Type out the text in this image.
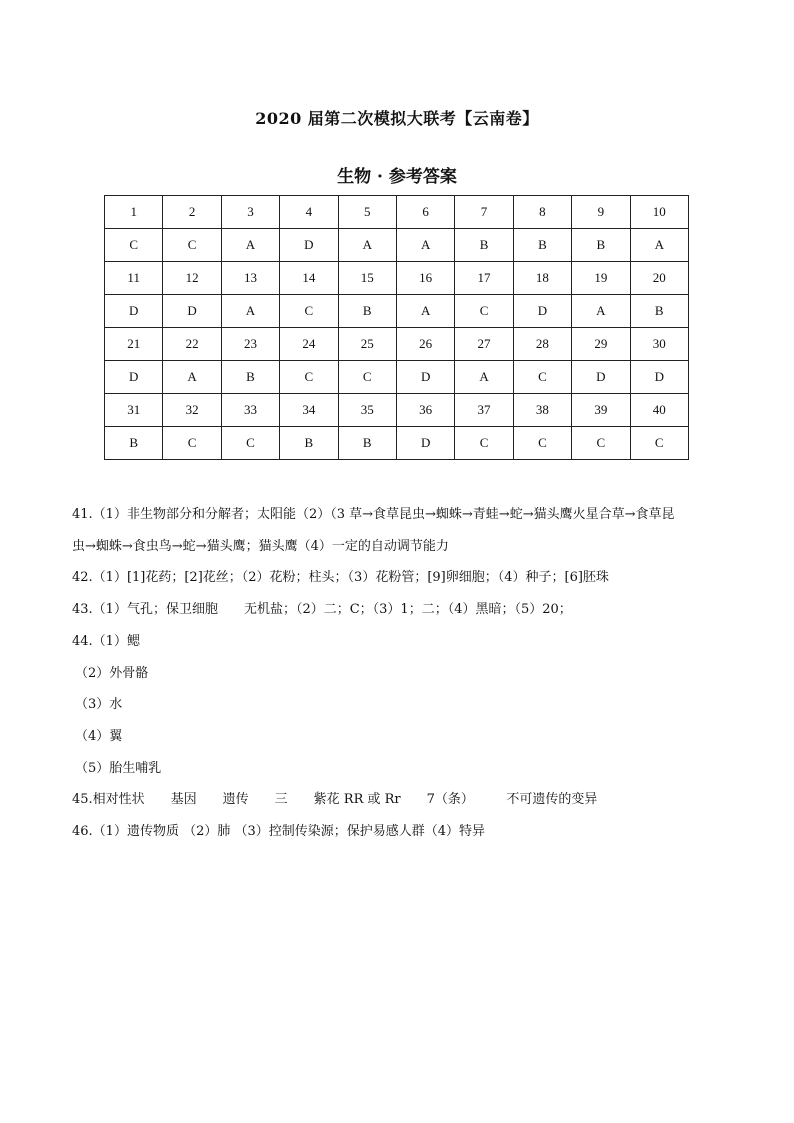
2020 届第二次模拟大联考【云南卷】
生物 · 参考答案
1	2	3	4	5	6	7	8	9	10
C	C	A	D	A	A	B	B	B	A
11	12	13	14	15	16	17	18	19	20
D	D	A	C	B	A	C	D	A	B
21	22	23	24	25	26	27	28	29	30
D	A	B	C	C	D	A	C	D	D
31	32	33	34	35	36	37	38	39	40
B	C	C	B	B	D	C	C	C	C
41.（1）非生物部分和分解者；太阳能（2）（3 草→食草昆虫→蜘蛛→青蛙→蛇→猫头鹰火星合草→食草昆
虫→蜘蛛→食虫鸟→蛇→猫头鹰；猫头鹰（4）一定的自动调节能力
42.（1）[1]花药；[2]花丝；（2）花粉；柱头；（3）花粉管；[9]卵细胞；（4）种子；[6]胚珠
43.（1）气孔；保卫细胞　　无机盐；（2）二；C；（3）1；二；（4）黑暗；（5）20；
44.（1）鳃
（2）外骨骼
（3）水
（4）翼
（5）胎生哺乳
45.相对性状　　基因　　遗传　　三　　紫花 RR 或 Rr　　7（条）　　　不可遗传的变异
46.（1）遗传物质 （2）肺 （3）控制传染源；保护易感人群（4）特异
